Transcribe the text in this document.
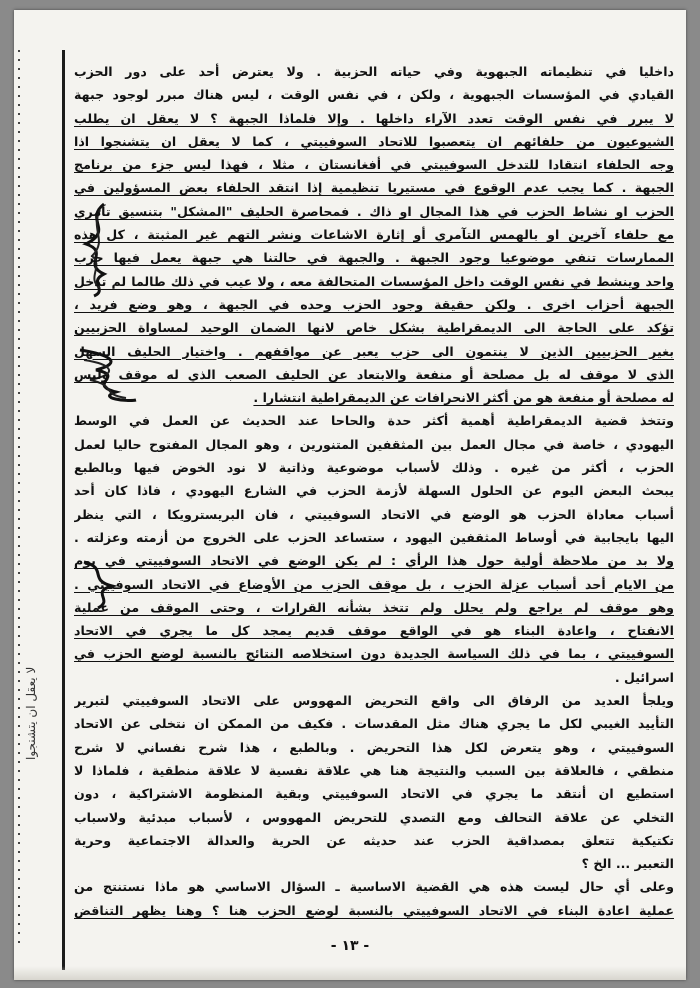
لا يعقل ان يتشنجوا
داخليا في تنظيماته الجبهوية وفي حياته الحزبية . ولا يعترض أحد على دور الحزب
القيادي في المؤسسات الجبهوية ، ولكن ، في نفس الوقت ، ليس هناك مبرر لوجود جبهة
لا يبرر في نفس الوقت تعدد الآراء داخلها . وإلا فلماذا الجبهة ؟ لا يعقل ان يطلب
الشيوعيون من حلفائهم ان يتعصبوا للاتحاد السوفييتي ، كما لا يعقل ان يتشنجوا اذا
وجه الحلفاء انتقادا للتدخل السوفييتي في أفغانستان ، مثلا ، فهذا ليس جزء من برنامج
الجبهة . كما يجب عدم الوقوع في مستيريا تنظيمية إذا انتقد الحلفاء بعض المسؤولين في
الحزب او نشاط الحزب في هذا المجال او ذاك . فمحاصرة الحليف "المشكل" بتنسيق تآمري
مع حلفاء آخرين او بالهمس التآمري أو إثارة الاشاعات ونشر التهم غير المثبتة ، كل هذه
الممارسات تنفي موضوعيا وجود الجبهة . والجبهة في حالتنا هي جبهة يعمل فيها حزب
واحد وينشط في نفس الوقت داخل المؤسسات المتحالفة معه ، ولا عيب في ذلك طالما لم تدخل
الجبهة أحزاب اخرى . ولكن حقيقة وجود الحزب وحده في الجبهة ، وهو وضع فريد ،
تؤكد على الحاجة الى الديمقراطية بشكل خاص لانها الضمان الوحيد لمساواة الحزبيين
بغير الحزبيين الذين لا ينتمون الى حزب يعبر عن مواقفهم . واختيار الحليف السهل
الذي لا موقف له بل مصلحة أو منفعة والابتعاد عن الحليف الصعب الذي له موقف وليس
له مصلحة أو منفعة هو من أكثر الانحرافات عن الديمقراطية انتشارا .
وتتخذ قضية الديمقراطية أهمية أكثر حدة والحاحا عند الحديث عن العمل في الوسط
اليهودي ، خاصة في مجال العمل بين المثقفين المتنورين ، وهو المجال المفتوح حاليا لعمل
الحزب ، أكثر من غيره . وذلك لأسباب موضوعية وذاتية لا نود الخوض فيها وبالطبع
يبحث البعض اليوم عن الحلول السهلة لأزمة الحزب في الشارع اليهودي ، فاذا كان أحد
أسباب معاداة الحزب هو الوضع في الاتحاد السوفييتي ، فان البريسترويكا ، التي ينظر
اليها بايجابية في أوساط المثقفين اليهود ، ستساعد الحزب على الخروج من أزمته وعزلته .
ولا بد من ملاحظة أولية حول هذا الرأي : لم يكن الوضع في الاتحاد السوفييتي في يوم
من الايام أحد أسباب عزلة الحزب ، بل موقف الحزب من الأوضاع في الاتحاد السوفييتي .
وهو موقف لم يراجع ولم يحلل ولم تتخذ بشأنه القرارات ، وحتى الموقف من عملية
الانفتاح ، واعادة البناء هو في الواقع موقف قديم يمجد كل ما يجري في الاتحاد
السوفييتي ، بما في ذلك السياسة الجديدة دون استخلاصه النتائج بالنسبة لوضع الحزب في
اسرائيل .
ويلجأ العديد من الرفاق الى واقع التحريض المهووس على الاتحاد السوفييتي لتبرير
التأييد الغيبي لكل ما يجري هناك مثل المقدسات . فكيف من الممكن ان نتخلى عن الاتحاد
السوفييتي ، وهو يتعرض لكل هذا التحريض . وبالطبع ، هذا شرح نفساني لا شرح
منطقي ، فالعلاقة بين السبب والنتيجة هنا هي علاقة نفسية لا علاقة منطقية ، فلماذا لا
استطيع ان أنتقد ما يجري في الاتحاد السوفييتي وبقية المنظومة الاشتراكية ، دون
التخلي عن علاقة التحالف ومع التصدي للتحريض المهووس ، لأسباب مبدئية ولاسباب
تكتيكية تتعلق بمصداقية الحزب عند حديثه عن الحرية والعدالة الاجتماعية وحرية
التعبير ... الخ ؟
وعلى أي حال ليست هذه هي القضية الاساسية ـ السؤال الاساسي هو ماذا نستنتج من
عملية اعادة البناء في الاتحاد السوفييتي بالنسبة لوضع الحزب هنا ؟ وهنا يظهر التناقض
- ١٣ -
